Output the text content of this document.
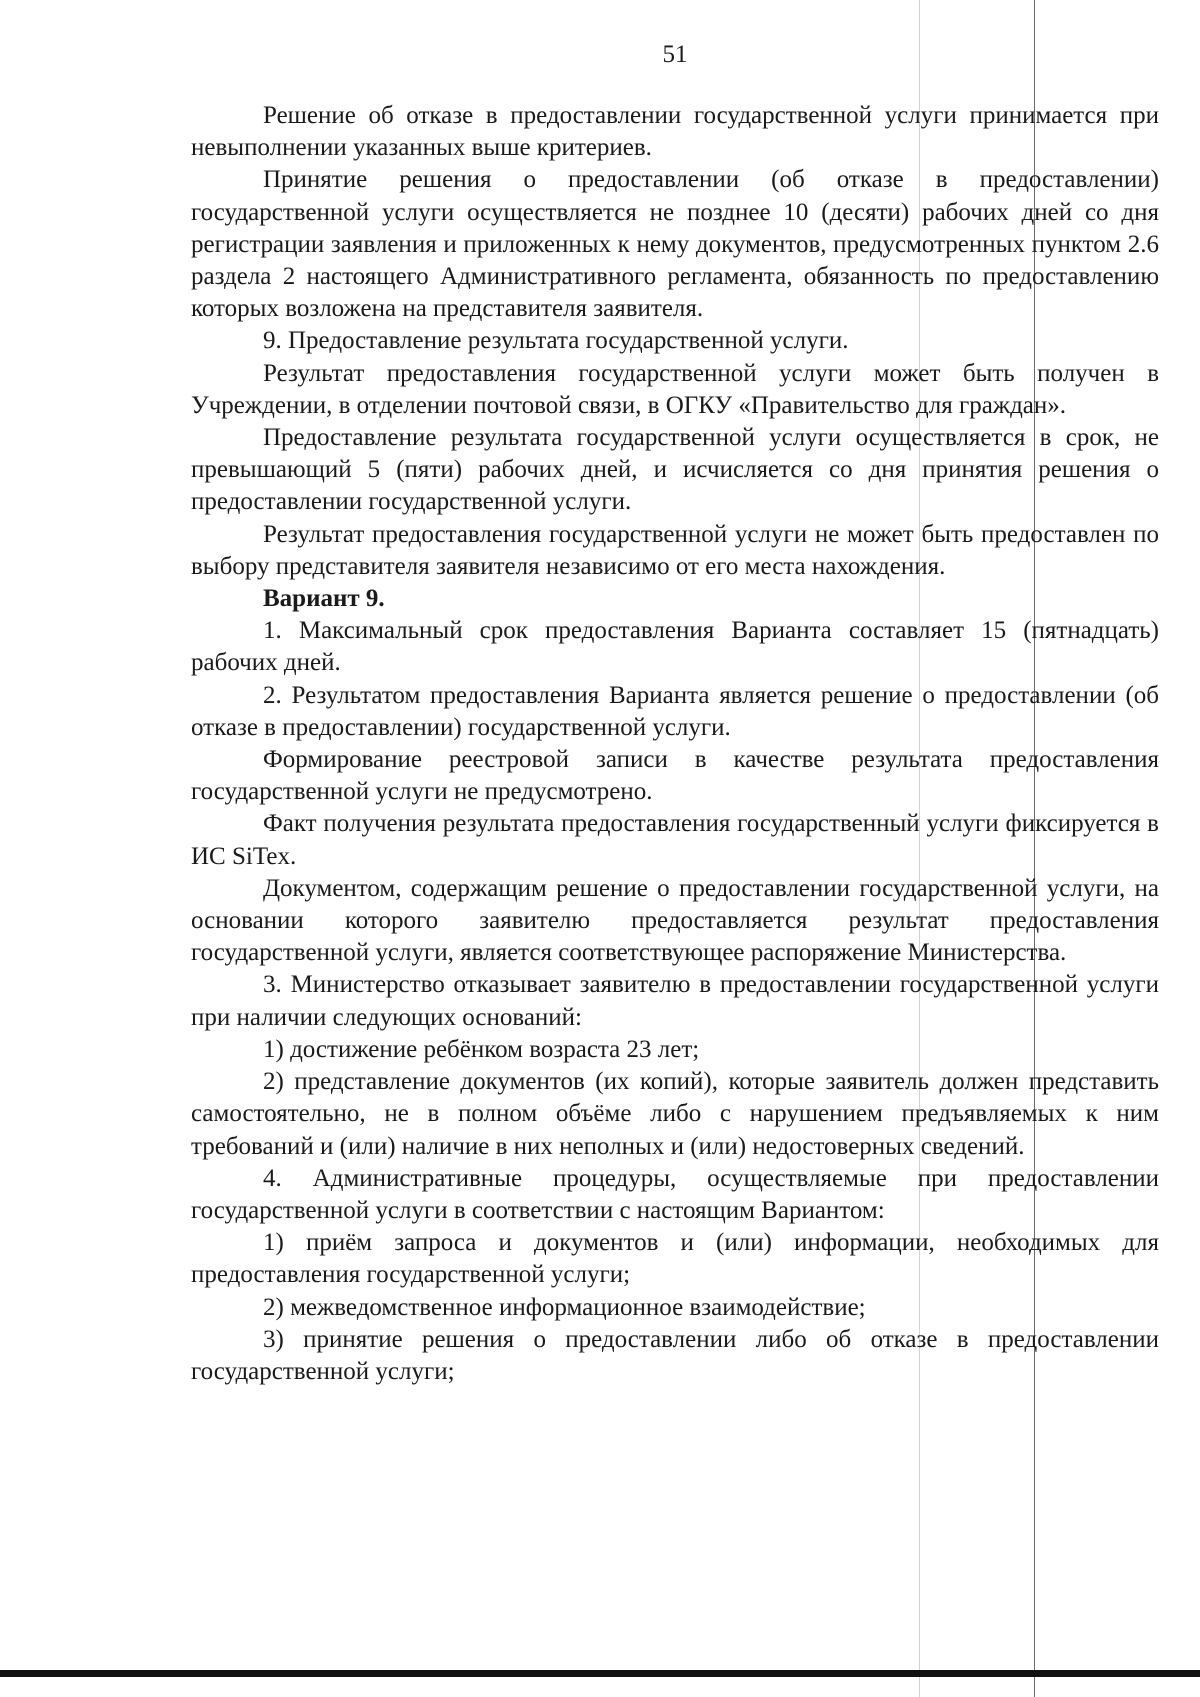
51

Решение об отказе в предоставлении государственной услуги принимается при невыполнении указанных выше критериев.

Принятие решения о предоставлении (об отказе в предоставлении) государственной услуги осуществляется не позднее 10 (десяти) рабочих дней со дня регистрации заявления и приложенных к нему документов, предусмотренных пунктом 2.6 раздела 2 настоящего Административного регламента, обязанность по предоставлению которых возложена на представителя заявителя.

9. Предоставление результата государственной услуги.

Результат предоставления государственной услуги может быть получен в Учреждении, в отделении почтовой связи, в ОГКУ «Правительство для граждан».

Предоставление результата государственной услуги осуществляется в срок, не превышающий 5 (пяти) рабочих дней, и исчисляется со дня принятия решения о предоставлении государственной услуги.

Результат предоставления государственной услуги не может быть предоставлен по выбору представителя заявителя независимо от его места нахождения.

Вариант 9.

1. Максимальный срок предоставления Варианта составляет 15 (пятнадцать) рабочих дней.

2. Результатом предоставления Варианта является решение о предоставлении (об отказе в предоставлении) государственной услуги.

Формирование реестровой записи в качестве результата предоставления государственной услуги не предусмотрено.

Факт получения результата предоставления государственный услуги фиксируется в ИС SiTex.

Документом, содержащим решение о предоставлении государственной услуги, на основании которого заявителю предоставляется результат предоставления государственной услуги, является соответствующее распоряжение Министерства.

3. Министерство отказывает заявителю в предоставлении государственной услуги при наличии следующих оснований:

1) достижение ребёнком возраста 23 лет;

2) представление документов (их копий), которые заявитель должен представить самостоятельно, не в полном объёме либо с нарушением предъявляемых к ним требований и (или) наличие в них неполных и (или) недостоверных сведений.

4. Административные процедуры, осуществляемые при предоставлении государственной услуги в соответствии с настоящим Вариантом:

1) приём запроса и документов и (или) информации, необходимых для предоставления государственной услуги;

2) межведомственное информационное взаимодействие;

3) принятие решения о предоставлении либо об отказе в предоставлении государственной услуги;
